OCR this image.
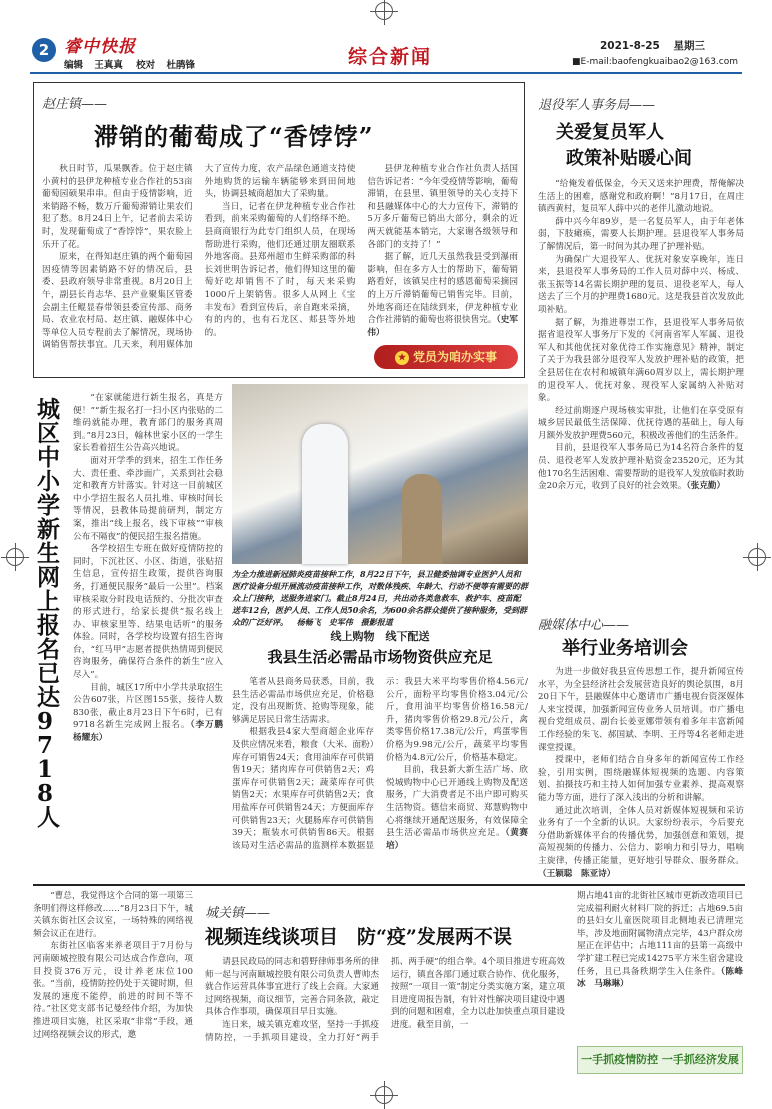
2 睿中快报
编辑 王真真 校对 杜鹃锋	综合新闻	2021-8-25 星期三
■E-mail:baofengkuaibao2@163.com
赵庄镇——
滞销的葡萄成了“香饽饽”

秋日时节，瓜果飘香。位于赵庄镇小黄村的县伊龙种植专业合作社的53亩葡萄园硕果串串。但由于疫情影响，近来销路不畅，数万斤葡萄滞销让果农们犯了愁。8月24日上午，记者前去采访时，发现葡萄成了“香饽饽”，果农脸上乐开了花。

原来，在得知赵庄镇的两个葡萄园因疫情等因素销路不好的情况后，县委、县政府领导非常重视。8月20日上午，副县长肖志华、县产业聚集区管委会副主任鲲显春带领县委宣传部、商务局、农业农村局、赵庄镇、融媒体中心等单位人员专程前去了解情况，现场协调销售帮扶事宜。几天来，利用媒体加大了宣传力度，农产品绿色通道支持使外地购货的运输车辆能够来到田间地头，协调县城商超加大了采购量。

当日，记者在伊龙种植专业合作社看到，前来采购葡萄的人们络绎不绝。县商商银行为此专门组织人员，在现场帮助进行采购，他们还通过朋友圈联系外地客商。县郑州超市生鲜采购部的科长刘世明告诉记者，他们得知这里的葡萄好吃却销售不了时，每天来采购1000斤上架销售。很多人从网上《宝丰发布》看到宣传后，亲自跑来采摘，有的内的，也有石龙区、郏县等外地的。

县伊龙种植专业合作社负责人括国信告诉记者：“今年受疫情等影响，葡萄滞销，在县里、镇里领导的关心支持下和县融媒体中心的大力宣传下，滞销的5万多斤葡萄已销出大部分，剩余的近两天就能基本销完，大家谢各级领导和各部门的支持了！”

据了解，近几天虽然我县受到瀑雨影响，但在多方人士的帮助下，葡萄销路看好，该镇吴庄村的感恩葡萄采摘园的上万斤滞销葡萄已销售完毕。目前，外地客商还在陆续到来，伊龙种植专业合作社滞销的葡萄也将很快售完。（史军伟）

★ 党员为咱办实事
退役军人事务局——
关爱复员军人
政策补贴暖心间

“给俺发着低保金，今天又送来护理费，帮俺解决生活上的困难，感谢党和政府啊！”8月17日，在周庄镇西黄村，复员军人薛中兴的老伴儿激动地说。

薛中兴今年89岁，是一名复员军人，由于年老体弱，下肢瘫痪，需要人长期护理。县退役军人事务局了解情况后，第一时间为其办理了护理补贴。

为确保广大退役军人、优抚对象安享晚年，连日来，县退役军人事务局的工作人员对薛中兴、杨成、张玉振等14名需长期护理的复员、退役老军人，每人送去了三个月的护理费1680元。这是我县首次发放此项补贴。

据了解，为推进尊崇工作，县退役军人事务局依据省退役军人事务厅下发的《河南省军人军属、退役军人和其他优抚对象优待工作实施意见》精神，制定了关于为我县部分退役军人发放护理补贴的政策，把全县居住在农村和城镇年满60周岁以上，需长期护理的退役军人、优抚对象、现役军人家属纳入补贴对象。

经过前期逐户现场核实审批，让他们在享受原有城乡居民最低生活保障、优抚待遇的基础上，每人每月额外发放护理费560元，积极改善他们的生活条件。

目前，县退役军人事务局已为14名符合条件的复员、退役老军人发放护理补贴资金23520元，还为其他170名生活困难、需要帮助的退役军人发放临时救助金20余万元，收到了良好的社会效果。（张克勤）

城区中小学新生网上报名已达9718人

“在家就能进行新生报名，真是方便！”“新生报名打一扫小区内张贴的二维码就能办理，教育部门的服务真周到。”8月23日，翰林世家小区的一学生家长看着招生公告高兴地说。

面对开学季的到来，招生工作任务大、责任重、牵涉面广，关系到社会稳定和教育方针落实。针对这一目前城区中小学招生报名人员扎堆、审核时间长等情况，县教体局提前研判，制定方案，推出“线上报名，线下审核”“审核公布不隔夜”的便民招生报名措施。

各学校招生专班在做好疫情防控的同时，下沉社区、小区、街道，张贴招生信息，宣传招生政策，提供咨询服务，打通便民服务“最后一公里”。档案审核采取分时段电话预约、分批次审查的形式进行，给家长提供“报名线上办、审核家里等、结果电话听”的服务体验。同时，各学校均设置有招生咨询台，“红马甲”志愿者提供热情周到便民咨询服务，确保符合条件的新生“应入尽入”。

目前，城区17所中小学共录取招生公告607张，片区图155张，接待人数830张，截止8月23日下午6时，已有9718名新生完成网上报名。（李万鹏　杨耀东）

为全力推进新冠肺炎疫苗接种工作，8月22日下午，县卫健委抽调专业医护人员和医疗设备分组开展流动疫苗接种工作，对数体残疾、年龄大、行动不便等有需要的群众上门接种，送服务进家门。截止8月24日，共出动各类急救车、救护车、疫苗配送车12台，医护人员、工作人员50余名，为600余名群众提供了接种服务，受到群众的广泛好评。 杨畅飞　史军伟　摄影报道
线上购物　线下配送
我县生活必需品市场物资供应充足

笔者从县商务局获悉，目前，我县生活必需品市场供应充足，价格稳定，没有出现断货、抢购等现象，能够满足居民日常生活需求。

根据我县4家大型商超企业库存及供应情况来看，粮食（大米、面粉）库存可销售24天；食用油库存可供销售19天；猪肉库存可供销售2天；鸡蛋库存可供销售2天；蔬菜库存可供销售2天；水果库存可供销售2天；食用盐库存可供销售24天；方便面库存可供销售23天；火腿肠库存可供销售39天；瓶装水可供销售86天。根据该局对生活必需品的监测样本数据显示：我县大米平均零售价格4.56元/公斤，面粉平均零售价格3.04元/公斤，食用油平均零售价格16.58元/升，猪肉零售价格29.8元/公斤，禽类零售价格17.38元/公斤，鸡蛋零售价格为9.98元/公斤，蔬菜平均零售价格为4.8元/公斤，价格基本稳定。

目前，我县新大新生活广场、欣悦城购物中心已开通线上购物及配送服务，广大消费者足不出户即可购买生活物资。德信来商贸、郑慧购物中心将继续开通配送服务，有效保障全县生活必需品市场供应充足。（黄赛培）

融媒体中心——
举行业务培训会

为进一步做好我县宣传思想工作，提升新闻宣传水平，为全县经济社会发展营造良好的舆论氛围，8月20日下午，县融媒体中心邀请市广播电视台资深媒体人来宝授课，加强新闻宣传业务人员培训。市广播电视台党组成员、副台长姜亚娜带领有着多年丰富新闻工作经验的朱飞、郝国斌、李明、王丹等4名老师走进课堂授课。

授课中，老师们结合自身多年的新闻宣传工作经验，引用实例，围绕融媒体短视频的选题、内容策划、拍摄技巧和主持人如何加强专业素养、提高观察能力等方面，进行了深入浅出的分析和讲解。

通过此次培训，全体人员对新媒体短视频和采访业务有了一个全新的认识。大家纷纷表示，今后要充分借助新媒体平台的传播优势，加强创意和策划，提高短视频的传播力、公信力、影响力和引导力，唱响主旋律，传播正能量，更好地引导群众、服务群众。（王颖聪　陈亚诗）

“曹总，我觉得这个合同的第一项第三条明们得这样修改……”8月23日下午，城关镇东街社区会议室，一场特殊的网络视频会议正在进行。

东街社区临客来养老项目于7月份与河南颐城控股有限公司达成合作意向，项目投资376万元，设计养老床位100张。“当前，疫情防控仍处于关键时期，但发展的速度不能停，前进的时间不等不待。”社区党支部书记曼经伟介绍，为加快推进项目实施，社区采取“非常”手段，通过网络视频会议的形式，邀

城关镇——
视频连线谈项目　防“疫”发展两不误

请县民政局的同志和碧野律师事务所的律师一起与河南颐城控股有限公司负责人曹帅杰就合作运营具体事宜进行了线上会商。大家通过网络视频，商议细节，完善合同条款，敲定具体合作事项，确保项目早日实施。

连日来，城关镇克难攻坚，坚持一手抓疫情防控，一手抓项目建设，全力打好“两手抓、两手硬”的组合拳。4个项目推进专班高效运行，镇直各部门通过联合协作、优化服务，按照“一项目一策”制定分类实施方案，建立项目进度周报告制，有针对性解决项目建设中遇到的问题和困难，全力以赴加快重点项目建设进度。截至目前，一

期占地41亩的北街社区城市更新改造项目已完成福利耐火材料厂院的拆迁；占地69.5亩的县妇女儿童医院项目北侧地表已清理完毕，涉及地面附属物清点完毕，43户群众房屋正在评估中；占地111亩的县第一高级中学扩建工程已完成14275平方米生宿舍建设任务，且已具备秩期学生入住条件。（陈峰冰　马琳琳）

一手抓疫情防控 一手抓经济发展
